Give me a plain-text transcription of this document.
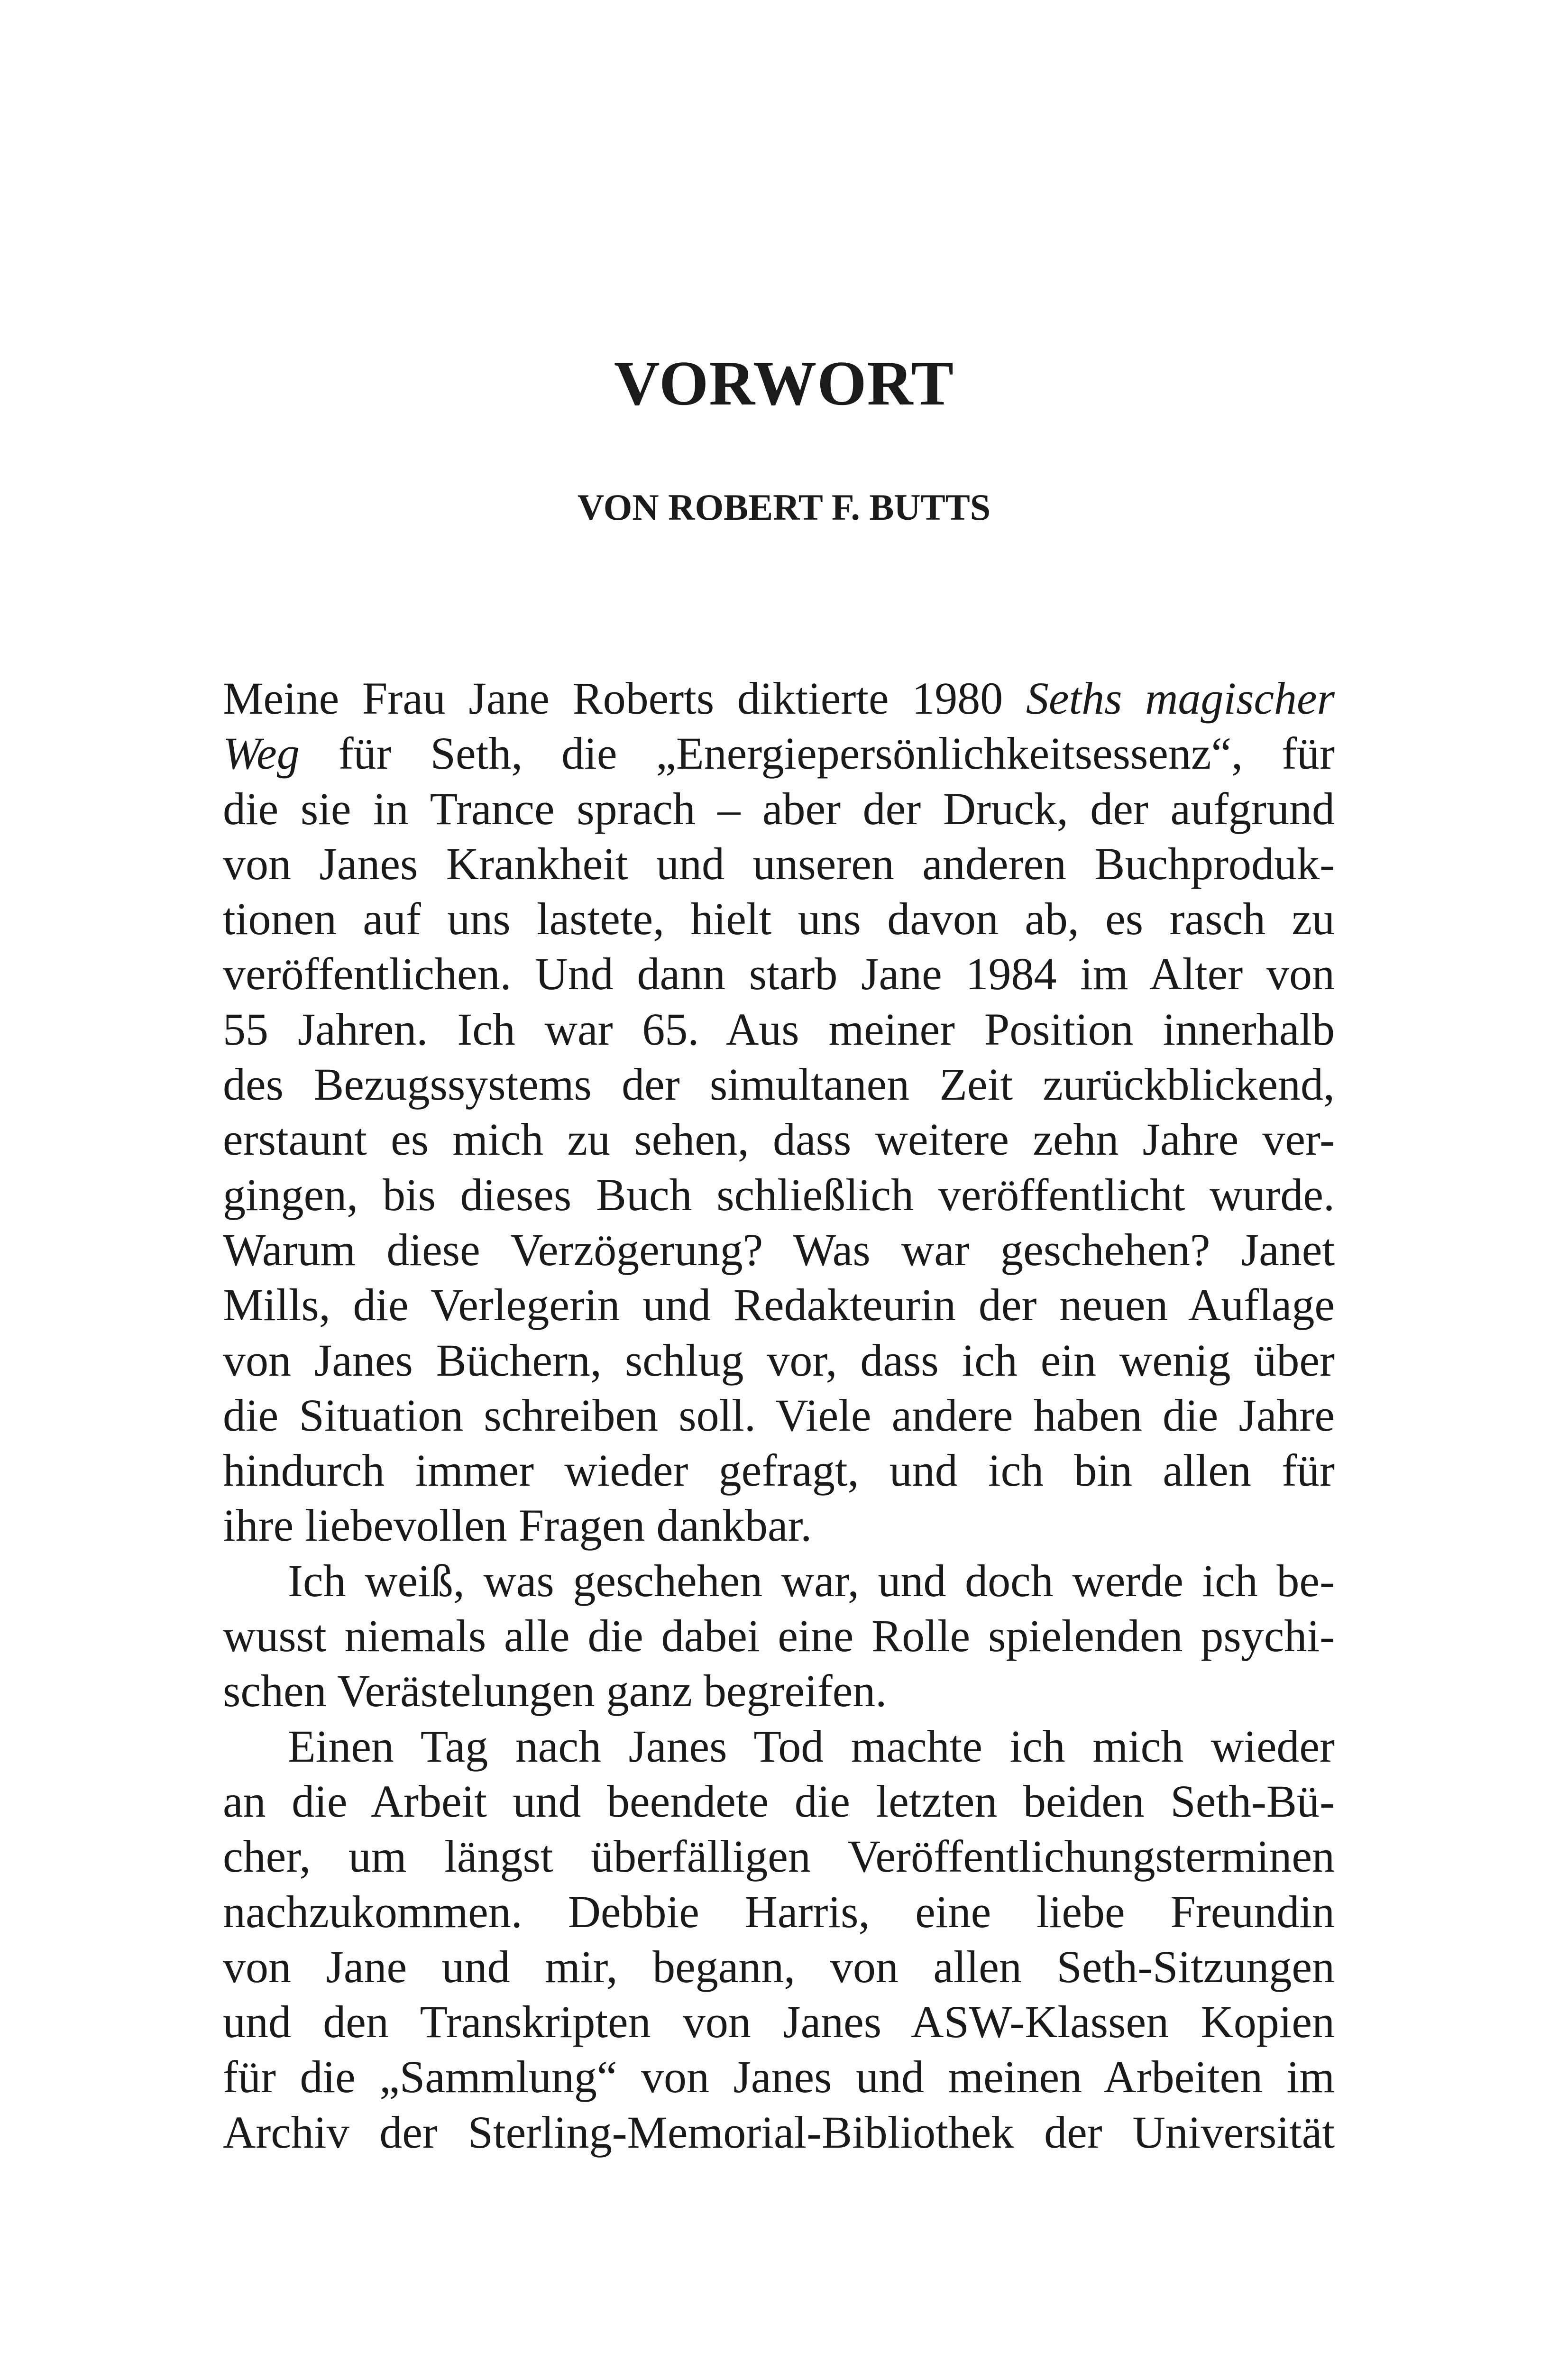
VORWORT
VON ROBERT F. BUTTS
Meine Frau Jane Roberts diktierte 1980 Seths magischer
Weg für Seth, die „Energiepersönlichkeitsessenz“, für
die sie in Trance sprach – aber der Druck, der aufgrund
von Janes Krankheit und unseren anderen Buchproduk-
tionen auf uns lastete, hielt uns davon ab, es rasch zu
veröffentlichen. Und dann starb Jane 1984 im Alter von
55 Jahren. Ich war 65. Aus meiner Position innerhalb
des Bezugssystems der simultanen Zeit zurückblickend,
erstaunt es mich zu sehen, dass weitere zehn Jahre ver-
gingen, bis dieses Buch schließlich veröffentlicht wurde.
Warum diese Verzögerung? Was war geschehen? Janet
Mills, die Verlegerin und Redakteurin der neuen Auflage
von Janes Büchern, schlug vor, dass ich ein wenig über
die Situation schreiben soll. Viele andere haben die Jahre
hindurch immer wieder gefragt, und ich bin allen für
ihre liebevollen Fragen dankbar.
Ich weiß, was geschehen war, und doch werde ich be-
wusst niemals alle die dabei eine Rolle spielenden psychi-
schen Verästelungen ganz begreifen.
Einen Tag nach Janes Tod machte ich mich wieder
an die Arbeit und beendete die letzten beiden Seth-Bü-
cher, um längst überfälligen Veröffentlichungsterminen
nachzukommen. Debbie Harris, eine liebe Freundin
von Jane und mir, begann, von allen Seth-Sitzungen
und den Transkripten von Janes ASW-Klassen Kopien
für die „Sammlung“ von Janes und meinen Arbeiten im
Archiv der Sterling-Memorial-Bibliothek der Universität
